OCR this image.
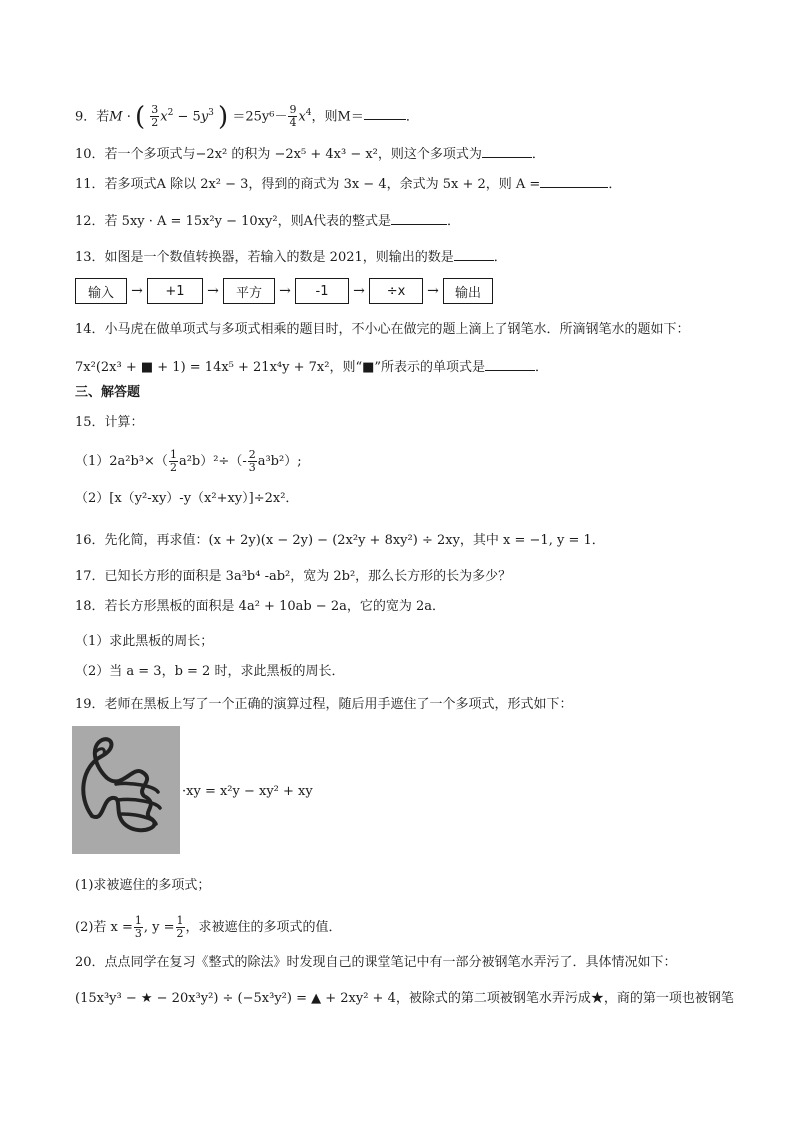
9．若M · ( $\frac{3}{2} x^2 - 5y^3$ ) $=25y^6- \frac{9}{4} x^4$，则M＝	．
10．若一个多项式与−2x² 的积为 −2x⁵ + 4x³ − x²，则这个多项式为	．
11．若多项式A 除以 2x² − 3，得到的商式为 3x − 4，余式为 5x + 2，则 A =	．
12．若 5xy · A = 15x²y − 10xy²，则A代表的整式是	．
13．如图是一个数值转换器，若输入的数是 2021，则输出的数是	．
输入	→	+1	→	平方	→	-1	→	÷x	→	输出
14．小马虎在做单项式与多项式相乘的题目时，不小心在做完的题上滴上了钢笔水．所滴钢笔水的题如下：
7x²(2x³ + ■ + 1) = 14x⁵ + 21x⁴y + 7x²，则“■”所表示的单项式是	．
三、解答题
15．计算：
$(1)2a^2b^3\times( \frac{1}{2} a^2b)^2\div(- \frac{2}{3} a^3b^2)$;
（2）[x（y²-xy）-y（x²+xy）]÷2x²．
16．先化简，再求值：(x + 2y)(x − 2y) − (2x²y + 8xy²) ÷ 2xy，其中 x = −1, y = 1．
17．已知长方形的面积是 3a³b⁴ -ab²，宽为 2b²，那么长方形的长为多少？
18．若长方形黑板的面积是 4a² + 10ab − 2a，它的宽为 2a．
（1）求此黑板的周长；
（2）当 a = 3，b = 2 时，求此黑板的周长．
19．老师在黑板上写了一个正确的演算过程，随后用手遮住了一个多项式，形式如下：
·xy = x²y − xy² + xy
(1)求被遮住的多项式；
(2)若 $x = \frac{1}{3}$ , $y = \frac{1}{2}$ ，求被遮住的多项式的值．
20．点点同学在复习《整式的除法》时发现自己的课堂笔记中有一部分被钢笔水弄污了．具体情况如下：
(15x³y³ − ★ − 20x³y²) ÷ (−5x³y²) = ▲ + 2xy² + 4，被除式的第二项被钢笔水弄污成★，商的第一项也被钢笔
